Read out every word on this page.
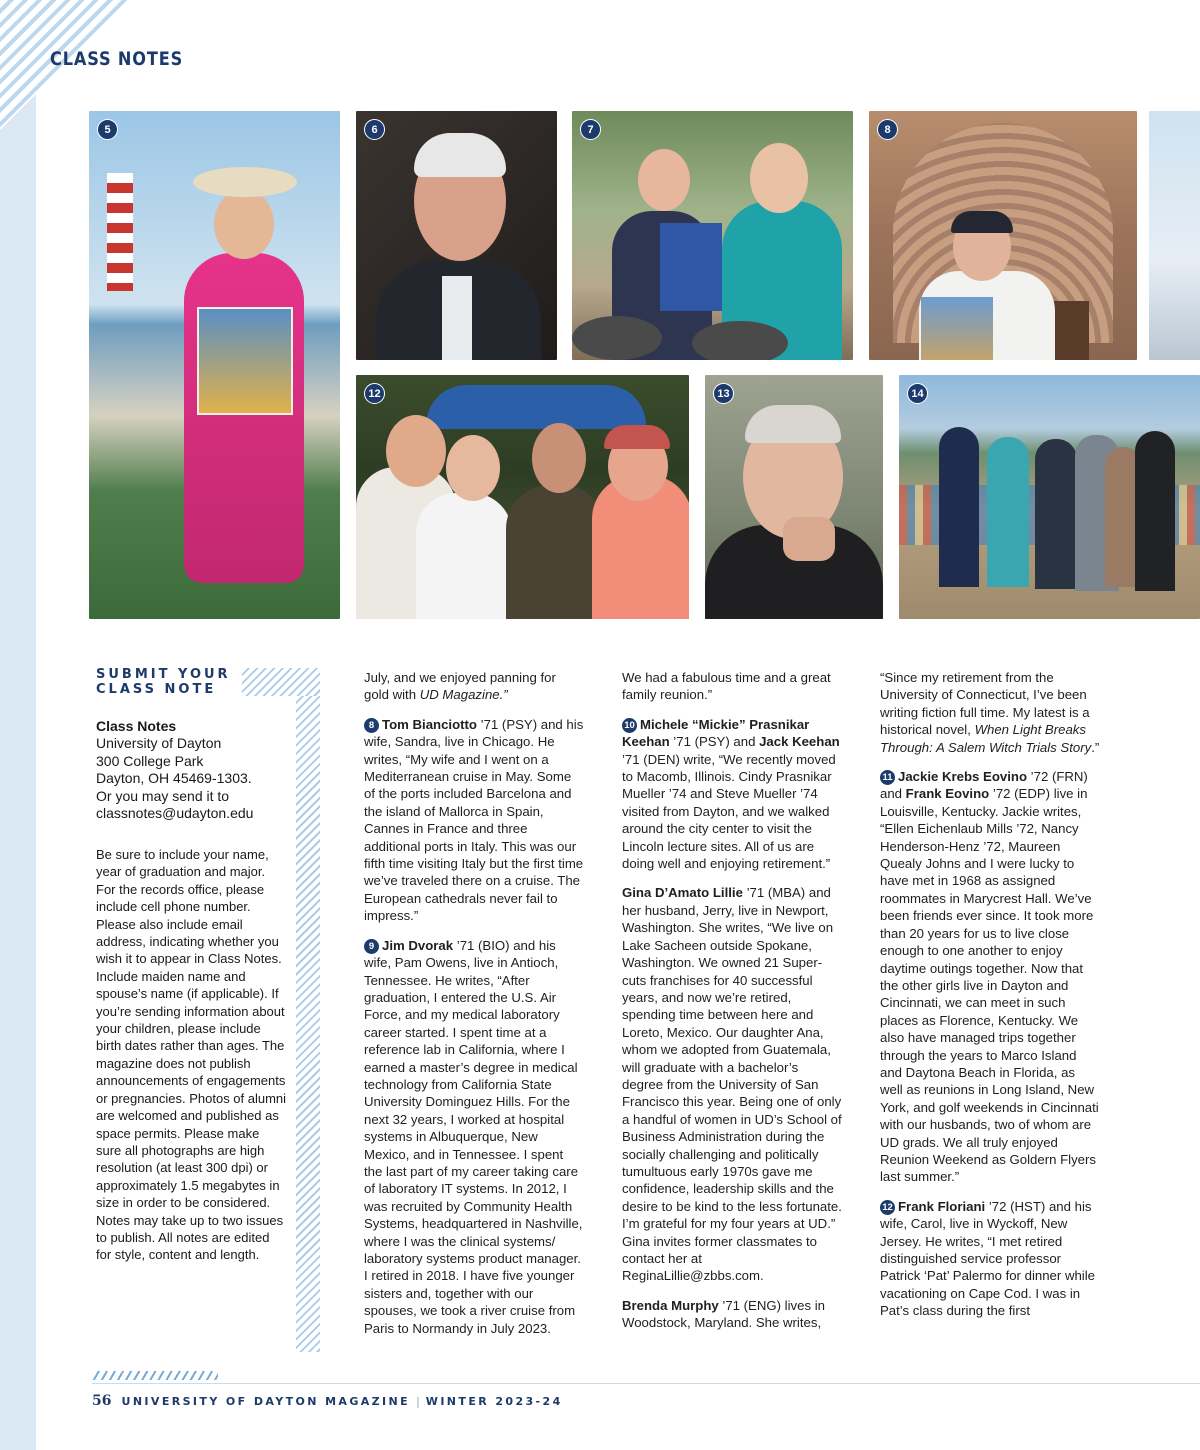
CLASS NOTES
5	6	7	8
12	13	14
SUBMIT YOUR
CLASS NOTE
Class Notes
University of Dayton
300 College Park
Dayton, OH 45469-1303.
Or you may send it to
classnotes@udayton.edu
Be sure to include your name, year of graduation and major. For the records office, please include cell phone number. Please also include email address, indicating whether you wish it to appear in Class Notes. Include maiden name and spouse’s name (if applicable). If you’re sending information about your children, please include birth dates rather than ages. The magazine does not publish announcements of engagements or pregnancies. Photos of alumni are welcomed and published as space permits. Please make sure all photographs are high resolution (at least 300 dpi) or approximately 1.5 megabytes in size in order to be considered. Notes may take up to two issues to publish. All notes are edited for style, content and length.

July, and we enjoyed panning for gold with UD Magazine.”

8 Tom Bianciotto ’71 (PSY) and his wife, Sandra, live in Chicago. He writes, “My wife and I went on a Mediterranean cruise in May. Some of the ports included Barcelona and the island of Mallorca in Spain, Cannes in France and three additional ports in Italy. This was our fifth time visiting Italy but the first time we’ve traveled there on a cruise. The European cathedrals never fail to impress.”

9 Jim Dvorak ’71 (BIO) and his wife, Pam Owens, live in Antioch, Tennessee. He writes, “After graduation, I entered the U.S. Air Force, and my medical laboratory career started. I spent time at a reference lab in California, where I earned a master’s degree in medical technology from California State University Dominguez Hills. For the next 32 years, I worked at hospital systems in Albuquerque, New Mexico, and in Tennessee. I spent the last part of my career taking care of laboratory IT systems. In 2012, I was recruited by Community Health Systems, headquartered in Nashville, where I was the clinical systems/ laboratory systems product manager. I retired in 2018. I have five younger sisters and, together with our spouses, we took a river cruise from Paris to Normandy in July 2023.

We had a fabulous time and a great family reunion.”

10 Michele “Mickie” Prasnikar Keehan ’71 (PSY) and Jack Keehan ’71 (DEN) write, “We recently moved to Macomb, Illinois. Cindy Prasnikar Mueller ’74 and Steve Mueller ’74 visited from Dayton, and we walked around the city center to visit the Lincoln lecture sites. All of us are doing well and enjoying retirement.”

Gina D’Amato Lillie ’71 (MBA) and her husband, Jerry, live in Newport, Washington. She writes, “We live on Lake Sacheen outside Spokane, Washington. We owned 21 Super-cuts franchises for 40 successful years, and now we’re retired, spending time between here and Loreto, Mexico. Our daughter Ana, whom we adopted from Guatemala, will graduate with a bachelor’s degree from the University of San Francisco this year. Being one of only a handful of women in UD’s School of Business Administration during the socially challenging and politically tumultuous early 1970s gave me confidence, leadership skills and the desire to be kind to the less fortunate. I’m grateful for my four years at UD.” Gina invites former classmates to contact her at ReginaLillie@zbbs.com.

Brenda Murphy ’71 (ENG) lives in Woodstock, Maryland. She writes,

“Since my retirement from the University of Connecticut, I’ve been writing fiction full time. My latest is a historical novel, When Light Breaks Through: A Salem Witch Trials Story.”

11 Jackie Krebs Eovino ’72 (FRN) and Frank Eovino ’72 (EDP) live in Louisville, Kentucky. Jackie writes, “Ellen Eichenlaub Mills ’72, Nancy Henderson-Henz ’72, Maureen Quealy Johns and I were lucky to have met in 1968 as assigned roommates in Marycrest Hall. We’ve been friends ever since. It took more than 20 years for us to live close enough to one another to enjoy daytime outings together. Now that the other girls live in Dayton and Cincinnati, we can meet in such places as Florence, Kentucky. We also have managed trips together through the years to Marco Island and Daytona Beach in Florida, as well as reunions in Long Island, New York, and golf weekends in Cincinnati with our husbands, two of whom are UD grads. We all truly enjoyed Reunion Weekend as Goldern Flyers last summer.”

12 Frank Floriani ’72 (HST) and his wife, Carol, live in Wyckoff, New Jersey. He writes, “I met retired distinguished service professor Patrick ‘Pat’ Palermo for dinner while vacationing on Cape Cod. I was in Pat’s class during the first

56 UNIVERSITY OF DAYTON MAGAZINE | WINTER 2023-24
